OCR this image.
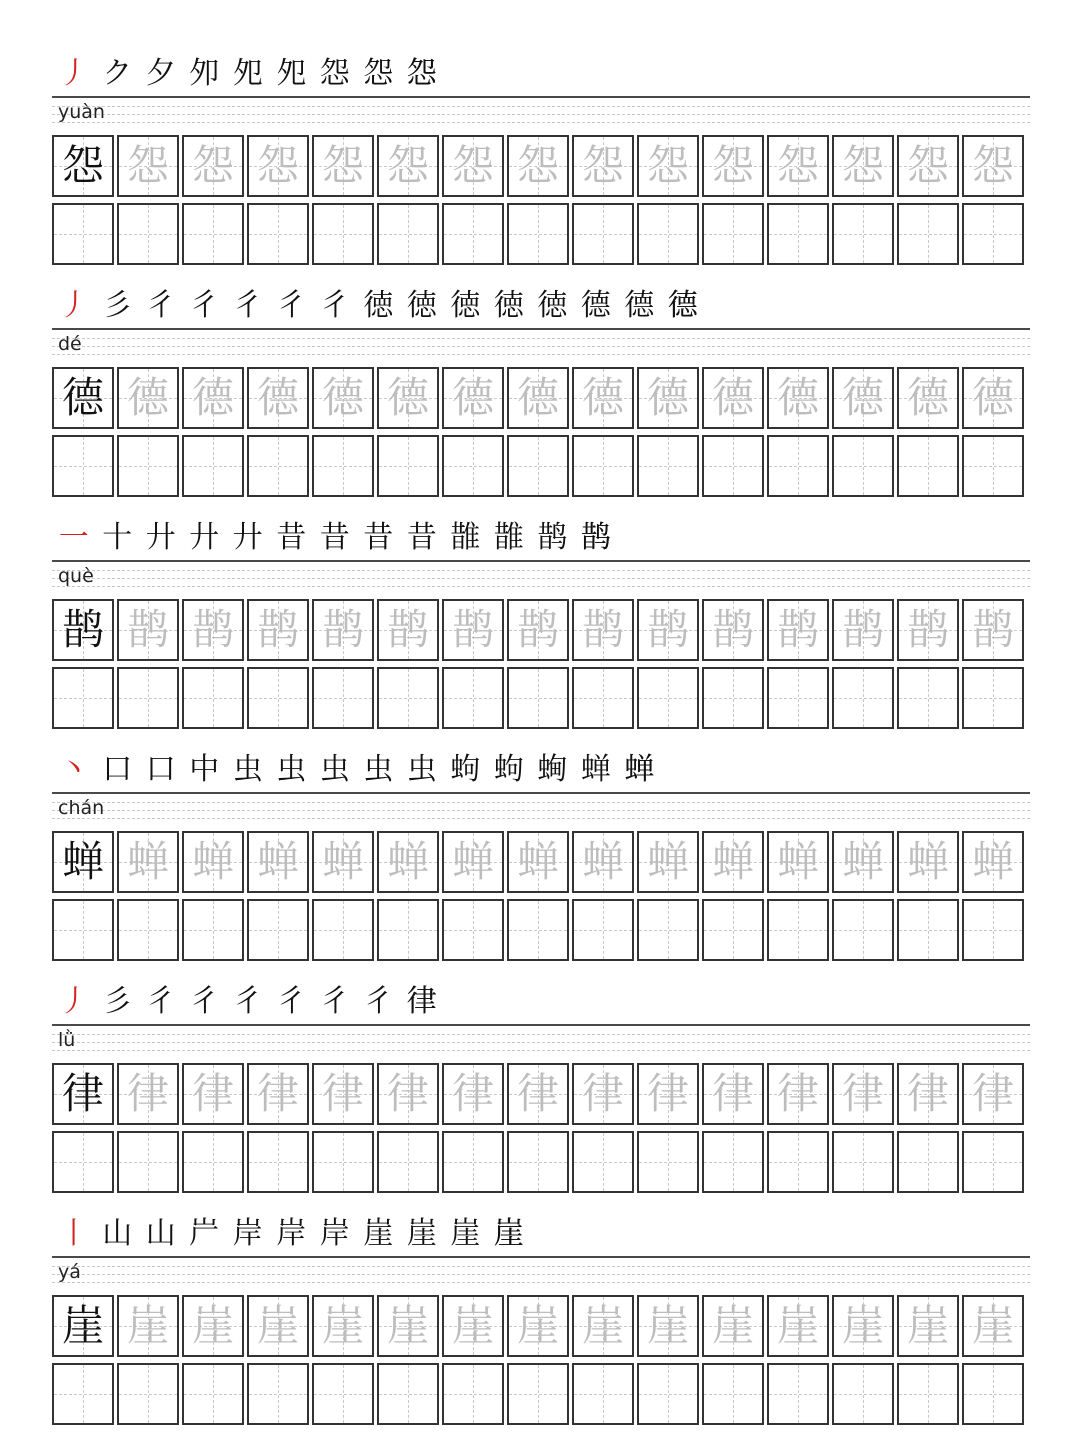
丿 ク 夕 夘 夗 夗 怨 怨 怨
yuàn
怨 怨 怨 怨 怨 怨 怨 怨 怨 怨 怨 怨 怨 怨 怨
丿 彡 彳 彳 彳 彳 彳 徳 徳 徳 徳 徳 德 德 德
dé
德 德 德 德 德 德 德 德 德 德 德 德 德 德 德
一 十 廾 廾 廾 昔 昔 昔 昔 䧿 䧿 鹊 鹊
què
鹊 鹊 鹊 鹊 鹊 鹊 鹊 鹊 鹊 鹊 鹊 鹊 鹊 鹊 鹊
丶 口 口 中 虫 虫 虫 虫 虫 蚼 蚼 蜔 蝉 蝉
chán
蝉 蝉 蝉 蝉 蝉 蝉 蝉 蝉 蝉 蝉 蝉 蝉 蝉 蝉 蝉
丿 彡 彳 彳 彳 彳 彳 彳 律
lǜ
律 律 律 律 律 律 律 律 律 律 律 律 律 律 律
丨 山 山 屵 岸 岸 岸 崖 崖 崖 崖
yá
崖 崖 崖 崖 崖 崖 崖 崖 崖 崖 崖 崖 崖 崖 崖
